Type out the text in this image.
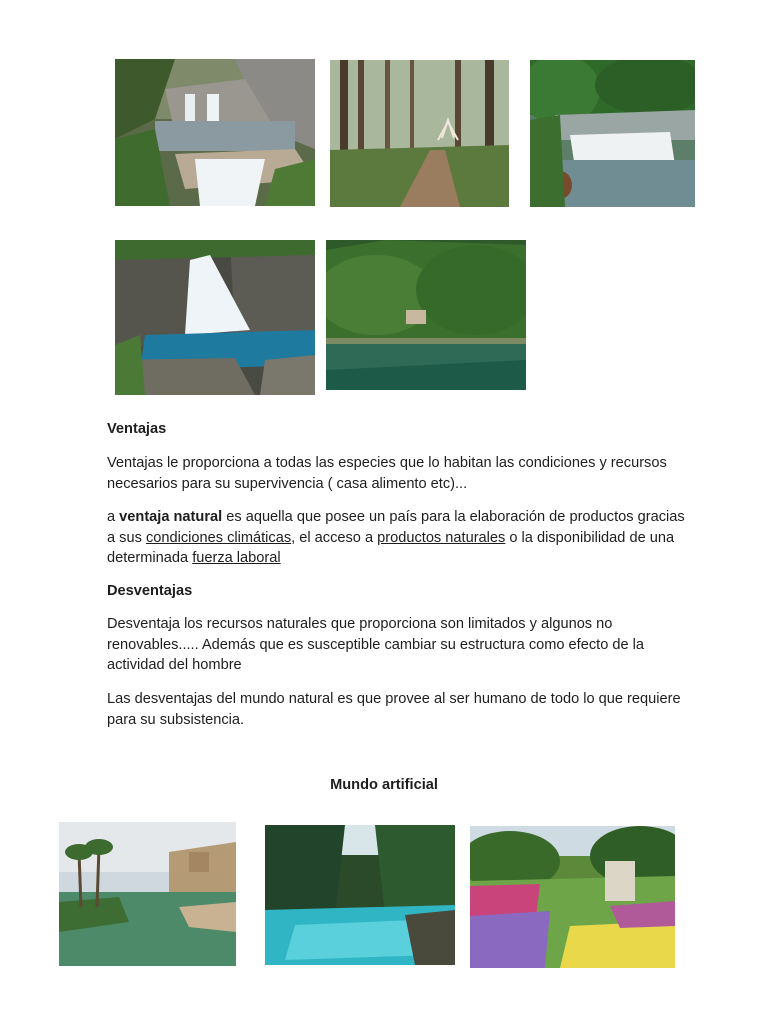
Ventajas

Ventajas le proporciona a todas las especies que lo habitan las condiciones y recursos necesarios para su supervivencia ( casa alimento etc)...

a ventaja natural es aquella que posee un país para la elaboración de productos gracias a sus condiciones climáticas, el acceso a productos naturales o la disponibilidad de una determinada fuerza laboral

Desventajas

Desventaja los recursos naturales que proporciona son limitados y algunos no renovables..... Además que es susceptible cambiar su estructura como efecto de la actividad del hombre

Las desventajas del mundo natural es que provee al ser humano de todo lo que requiere para su subsistencia.

Mundo artificial
